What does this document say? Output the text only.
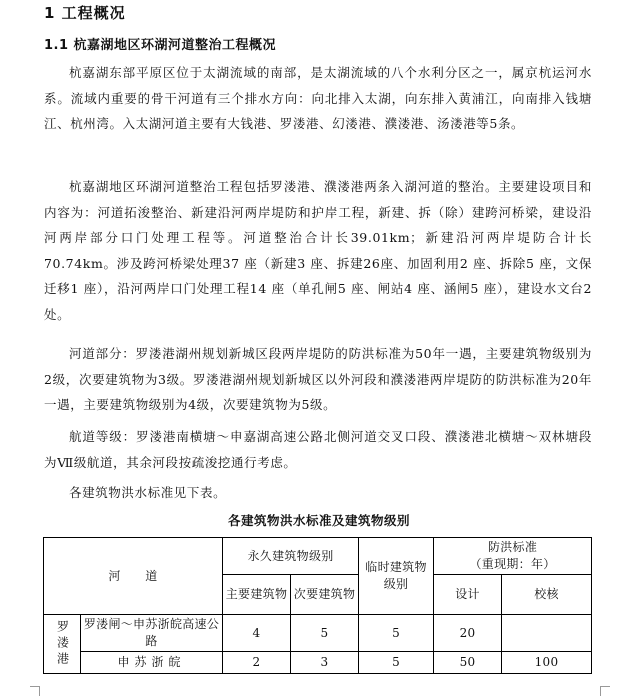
1 工程概况
1.1 杭嘉湖地区环湖河道整治工程概况

杭嘉湖东部平原区位于太湖流域的南部，是太湖流域的八个水利分区之一，属京杭运河水系。流域内重要的骨干河道有三个排水方向：向北排入太湖，向东排入黄浦江，向南排入钱塘江、杭州湾。入太湖河道主要有大钱港、罗溇港、幻溇港、濮溇港、汤溇港等5条。

杭嘉湖地区环湖河道整治工程包括罗溇港、濮溇港两条入湖河道的整治。主要建设项目和内容为：河道拓浚整治、新建沿河两岸堤防和护岸工程，新建、拆（除）建跨河桥梁，建设沿河两岸部分口门处理工程等。河道整治合计长39.01km；新建沿河两岸堤防合计长70.74km。涉及跨河桥梁处理37 座（新建3 座、拆建26座、加固利用2 座、拆除5 座，文保迁移1 座），沿河两岸口门处理工程14 座（单孔闸5 座、闸站4 座、涵闸5 座），建设水文台2处。

河道部分：罗溇港湖州规划新城区段两岸堤防的防洪标准为50年一遇，主要建筑物级别为2级，次要建筑物为3级。罗溇港湖州规划新城区以外河段和濮溇港两岸堤防的防洪标准为20年一遇，主要建筑物级别为4级，次要建筑物为5级。

航道等级：罗溇港南横塘～申嘉湖高速公路北侧河道交叉口段、濮溇港北横塘～双林塘段为Ⅶ级航道，其余河段按疏浚挖通行考虑。

各建筑物洪水标准见下表。

各建筑物洪水标准及建筑物级别
河　　道		永久建筑物级别		临时建筑物级别	防洪标准
（重现期：年）	
		主要建筑物	次要建筑物		设计	校核
罗溇港	罗溇闸～申苏浙皖高速公路	4	5	5	20	
	申苏浙皖	2	3	5	50	100
